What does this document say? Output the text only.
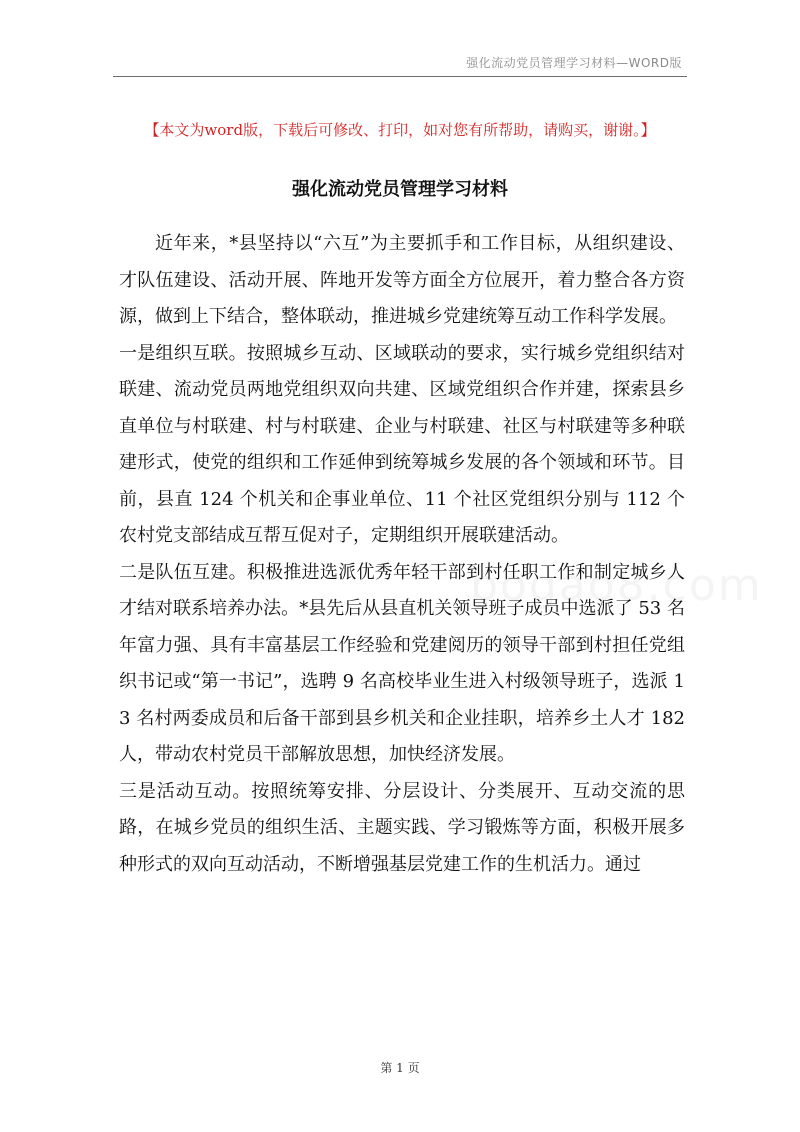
强化流动党员管理学习材料—WORD版
【本文为word版，下载后可修改、打印，如对您有所帮助，请购买，谢谢。】
强化流动党员管理学习材料

近年来，*县坚持以“六互”为主要抓手和工作目标，从组织建设、才队伍建设、活动开展、阵地开发等方面全方位展开，着力整合各方资源，做到上下结合，整体联动，推进城乡党建统筹互动工作科学发展。

一是组织互联。按照城乡互动、区域联动的要求，实行城乡党组织结对联建、流动党员两地党组织双向共建、区域党组织合作并建，探索县乡直单位与村联建、村与村联建、企业与村联建、社区与村联建等多种联建形式，使党的组织和工作延伸到统筹城乡发展的各个领域和环节。目前，县直 124 个机关和企事业单位、11 个社区党组织分别与 112 个农村党支部结成互帮互促对子，定期组织开展联建活动。

二是队伍互建。积极推进选派优秀年轻干部到村任职工作和制定城乡人才结对联系培养办法。*县先后从县直机关领导班子成员中选派了 53 名年富力强、具有丰富基层工作经验和党建阅历的领导干部到村担任党组织书记或“第一书记”，选聘 9 名高校毕业生进入村级领导班子，选派 13 名村两委成员和后备干部到县乡机关和企业挂职，培养乡土人才 182 人，带动农村党员干部解放思想，加快经济发展。

三是活动互动。按照统筹安排、分层设计、分类展开、互动交流的思路，在城乡党员的组织生活、主题实践、学习锻炼等方面，积极开展多种形式的双向互动活动，不断增强基层党建工作的生机活力。通过

第 1 页
